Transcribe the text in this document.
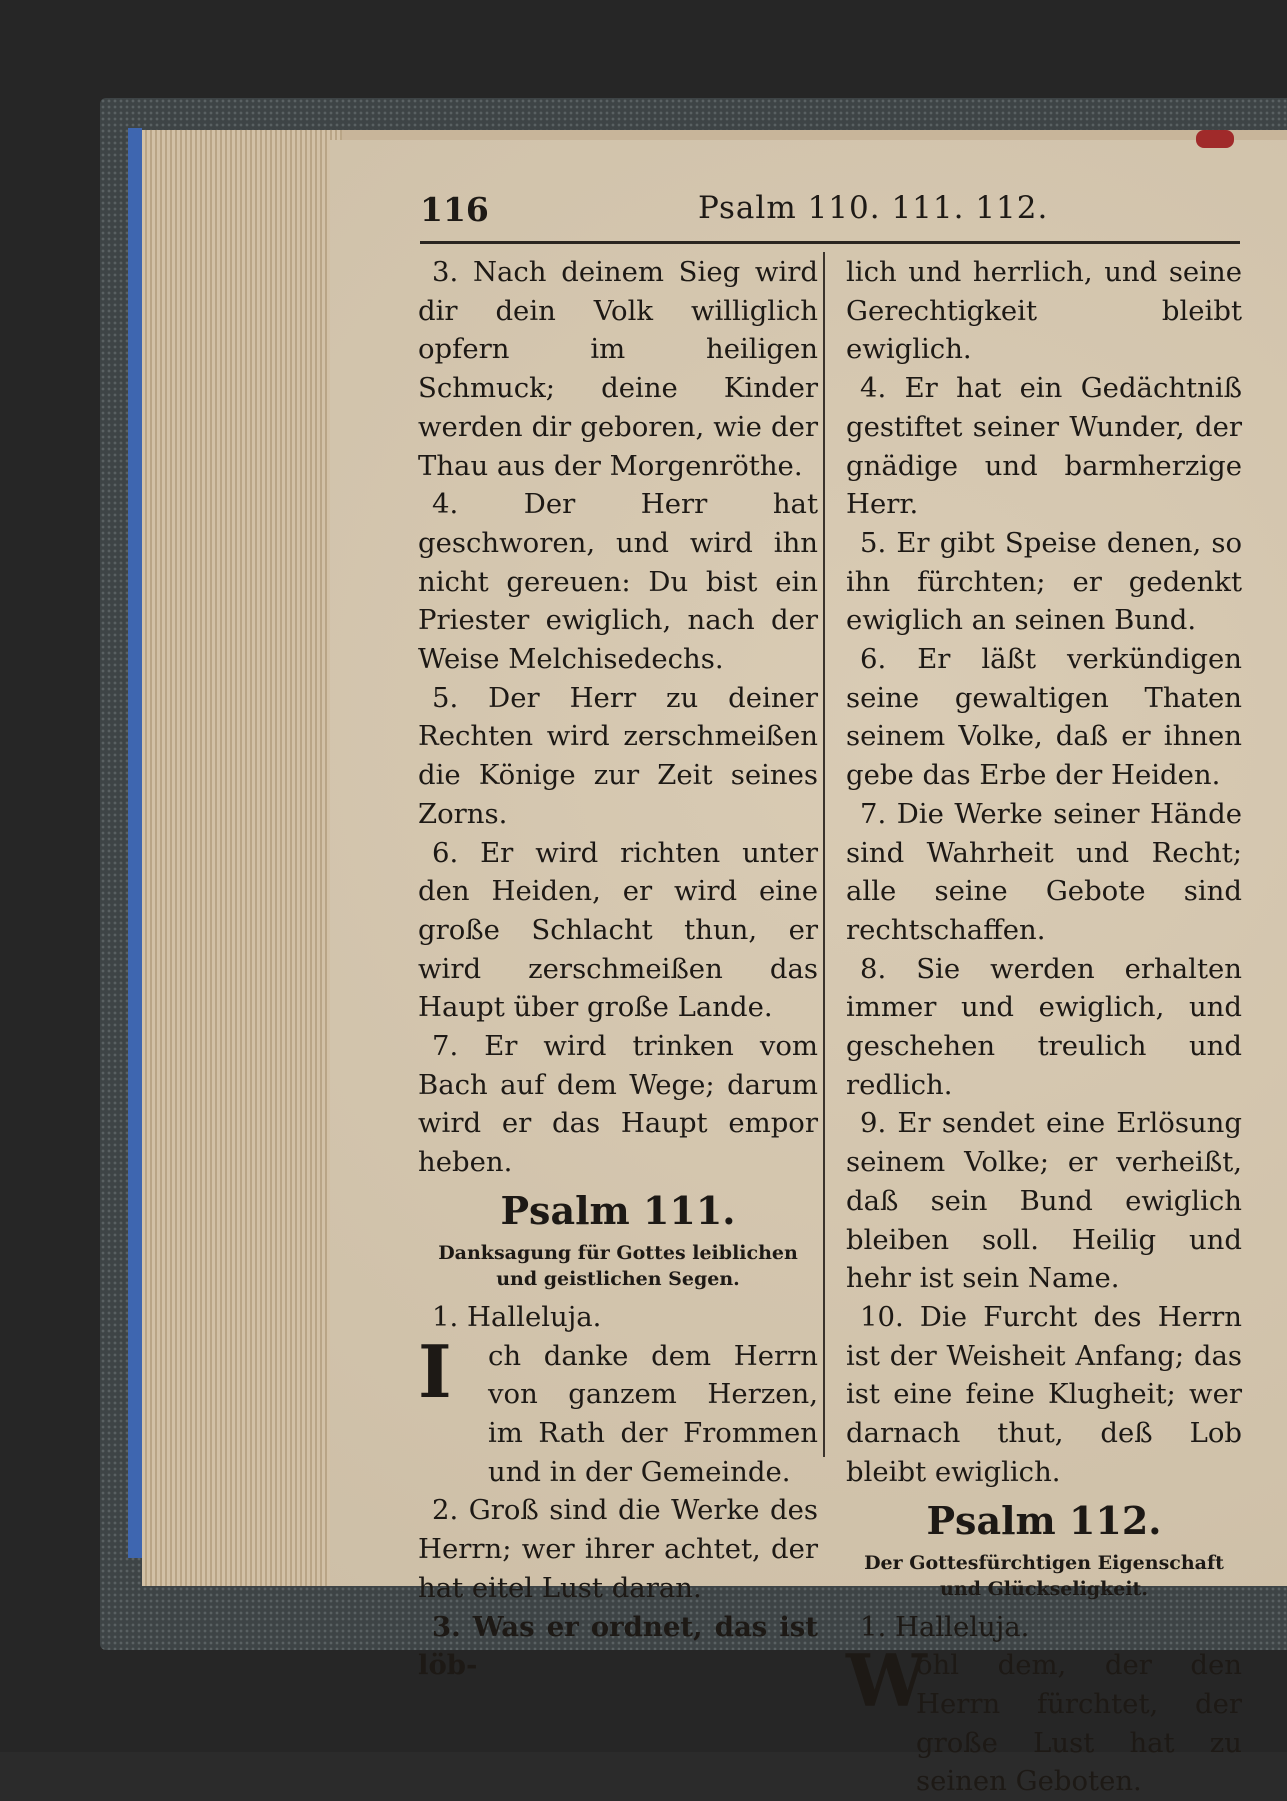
116	Psalm 110. 111. 112.

3. Nach deinem Sieg wird dir dein Volk williglich opfern im heiligen Schmuck; deine Kinder werden dir geboren, wie der Thau aus der Morgenröthe.

4. Der Herr hat geschworen, und wird ihn nicht gereuen: Du bist ein Priester ewiglich, nach der Weise Melchisedechs.

5. Der Herr zu deiner Rechten wird zerschmeißen die Könige zur Zeit seines Zorns.

6. Er wird richten unter den Heiden, er wird eine große Schlacht thun, er wird zerschmeißen das Haupt über große Lande.

7. Er wird trinken vom Bach auf dem Wege; darum wird er das Haupt empor heben.

Psalm 111.
Danksagung für Gottes leiblichen und geistlichen Segen.

1. Halleluja.

I ch danke dem Herrn von ganzem Herzen, im Rath der Frommen und in der Gemeinde.

2. Groß sind die Werke des Herrn; wer ihrer achtet, der hat eitel Lust daran.

3. Was er ordnet, das ist löb-

lich und herrlich, und seine Gerechtigkeit bleibt ewiglich.

4. Er hat ein Gedächtniß gestiftet seiner Wunder, der gnädige und barmherzige Herr.

5. Er gibt Speise denen, so ihn fürchten; er gedenkt ewiglich an seinen Bund.

6. Er läßt verkündigen seine gewaltigen Thaten seinem Volke, daß er ihnen gebe das Erbe der Heiden.

7. Die Werke seiner Hände sind Wahrheit und Recht; alle seine Gebote sind rechtschaffen.

8. Sie werden erhalten immer und ewiglich, und geschehen treulich und redlich.

9. Er sendet eine Erlösung seinem Volke; er verheißt, daß sein Bund ewiglich bleiben soll. Heilig und hehr ist sein Name.

10. Die Furcht des Herrn ist der Weisheit Anfang; das ist eine feine Klugheit; wer darnach thut, deß Lob bleibt ewiglich.

Psalm 112.
Der Gottesfürchtigen Eigenschaft und Glückseligkeit.

1. Halleluja.

W
ohl dem, der den Herrn fürchtet, der große Lust hat zu seinen Geboten.
